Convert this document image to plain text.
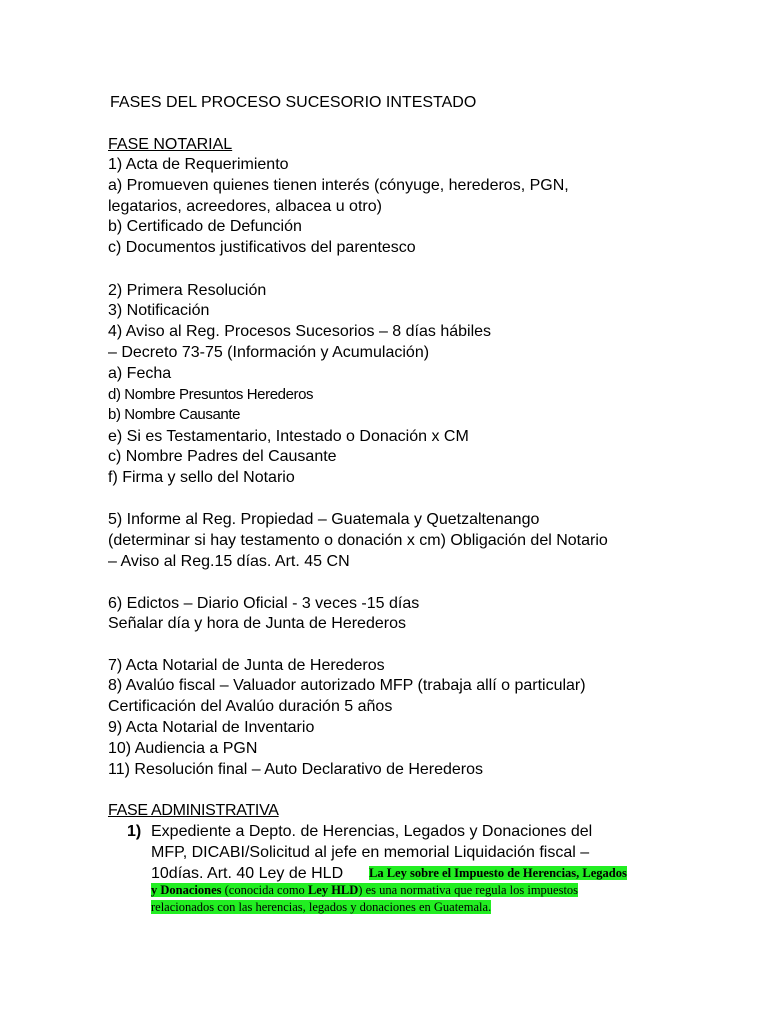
FASES DEL PROCESO SUCESORIO INTESTADO
FASE NOTARIAL
1) Acta de Requerimiento
a) Promueven quienes tienen interés (cónyuge, herederos, PGN,
legatarios, acreedores, albacea u otro)
b) Certificado de Defunción
c) Documentos justificativos del parentesco
2) Primera Resolución
3) Notificación
4) Aviso al Reg. Procesos Sucesorios – 8 días hábiles
– Decreto 73-75 (Información y Acumulación)
a) Fecha
d) Nombre Presuntos Herederos
b) Nombre Causante
e) Si es Testamentario, Intestado o Donación x CM
c) Nombre Padres del Causante
f) Firma y sello del Notario
5) Informe al Reg. Propiedad – Guatemala y Quetzaltenango
(determinar si hay testamento o donación x cm) Obligación del Notario
– Aviso al Reg.15 días. Art. 45 CN
6) Edictos – Diario Oficial - 3 veces -15 días
Señalar día y hora de Junta de Herederos
7) Acta Notarial de Junta de Herederos
8) Avalúo fiscal – Valuador autorizado MFP (trabaja allí o particular)
Certificación del Avalúo duración 5 años
9) Acta Notarial de Inventario
10) Audiencia a PGN
11) Resolución final – Auto Declarativo de Herederos
FASE ADMINISTRATIVA
1) Expediente a Depto. de Herencias, Legados y Donaciones del
MFP, DICABI/Solicitud al jefe en memorial Liquidación fiscal –
10días. Art. 40 Ley de HLD La Ley sobre el Impuesto de Herencias, Legados
y Donaciones (conocida como Ley HLD) es una normativa que regula los impuestos
relacionados con las herencias, legados y donaciones en Guatemala.
